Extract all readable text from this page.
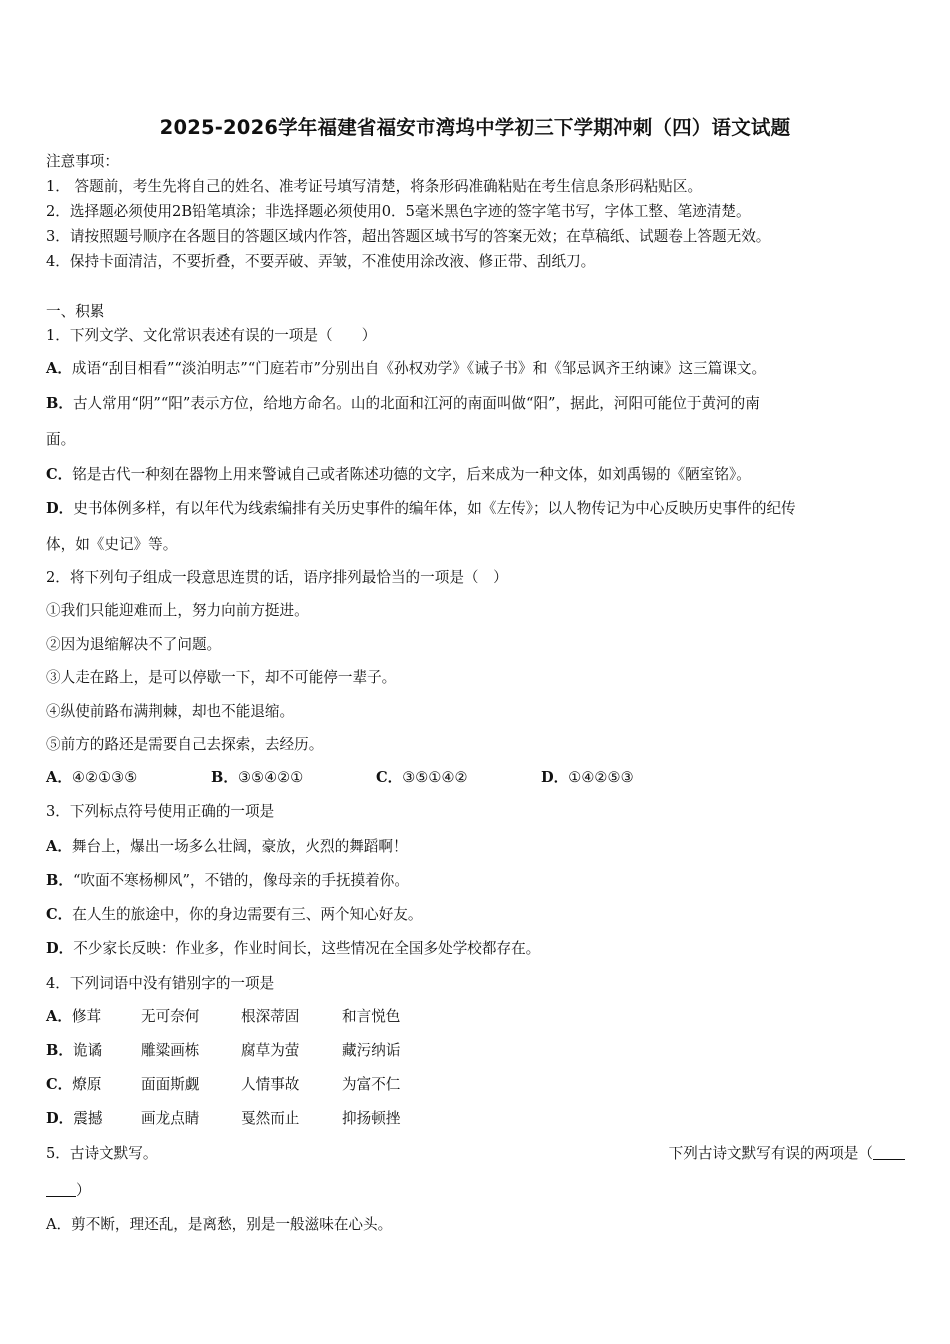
2025-2026学年福建省福安市湾坞中学初三下学期冲刺（四）语文试题
注意事项：
1． 答题前，考生先将自己的姓名、准考证号填写清楚，将条形码准确粘贴在考生信息条形码粘贴区。
2．选择题必须使用2B铅笔填涂；非选择题必须使用0．5毫米黑色字迹的签字笔书写，字体工整、笔迹清楚。
3．请按照题号顺序在各题目的答题区域内作答，超出答题区域书写的答案无效；在草稿纸、试题卷上答题无效。
4．保持卡面清洁，不要折叠，不要弄破、弄皱，不准使用涂改液、修正带、刮纸刀。
一、积累
1．下列文学、文化常识表述有误的一项是（　　）
A．成语“刮目相看”“淡泊明志”“门庭若市”分别出自《孙权劝学》《诫子书》和《邹忌讽齐王纳谏》这三篇课文。
B．古人常用“阴”“阳”表示方位，给地方命名。山的北面和江河的南面叫做“阳”，据此，河阳可能位于黄河的南
面。
C．铭是古代一种刻在器物上用来警诫自己或者陈述功德的文字，后来成为一种文体，如刘禹锡的《陋室铭》。
D．史书体例多样，有以年代为线索编排有关历史事件的编年体，如《左传》；以人物传记为中心反映历史事件的纪传
体，如《史记》等。
2．将下列句子组成一段意思连贯的话，语序排列最恰当的一项是（　）
①我们只能迎难而上，努力向前方挺进。
②因为退缩解决不了问题。
③人走在路上，是可以停歇一下，却不可能停一辈子。
④纵使前路布满荆棘，却也不能退缩。
⑤前方的路还是需要自己去探索，去经历。
A．④②①③⑤	B．③⑤④②①	C．③⑤①④②	D．①④②⑤③
3．下列标点符号使用正确的一项是
A．舞台上，爆出一场多么壮阔，豪放，火烈的舞蹈啊！
B．“吹面不寒杨柳风”，不错的，像母亲的手抚摸着你。
C．在人生的旅途中，你的身边需要有三、两个知心好友。
D．不少家长反映：作业多，作业时间长，这些情况在全国多处学校都存在。
4．下列词语中没有错别字的一项是
A．修茸	无可奈何	根深蒂固	和言悦色
B．诡谲	雕粱画栋	腐草为萤	藏污纳诟
C．燎原	面面斯觑	人情事故	为富不仁
D．震撼	画龙点睛	戛然而止	抑扬顿挫
5．古诗文默写。	下列古诗文默写有误的两项是（
）
A．剪不断，理还乱，是离愁，别是一般滋味在心头。
